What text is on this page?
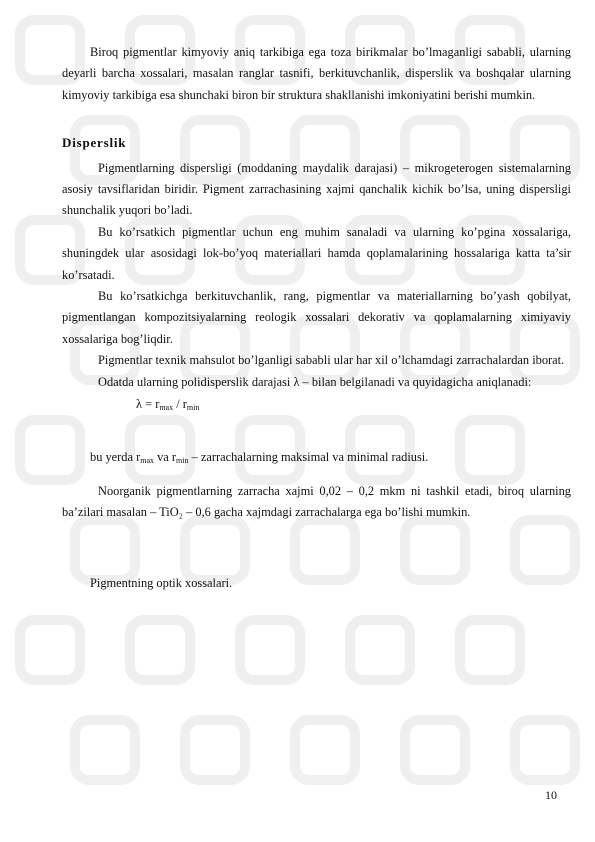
Biroq pigmentlar kimyoviy aniq tarkibiga ega toza birikmalar bo’lmaganligi sababli, ularning deyarli barcha xossalari, masalan ranglar tasnifi, berkituvchanlik, disperslik va boshqalar ularning kimyoviy tarkibiga esa shunchaki biron bir struktura shakllanishi imkoniyatini berishi mumkin.

Disperslik

Pigmentlarning dispersligi (moddaning maydalik darajasi) – mikrogeterogen sistemalarning asosiy tavsiflaridan biridir. Pigment zarrachasining xajmi qanchalik kichik bo’lsa, uning dispersligi shunchalik yuqori bo’ladi.

Bu ko’rsatkich pigmentlar uchun eng muhim sanaladi va ularning ko’pgina xossalariga, shuningdek ular asosidagi lok-bo’yoq materiallari hamda qoplamalarining hossalariga katta ta’sir ko’rsatadi.

Bu ko’rsatkichga berkituvchanlik, rang, pigmentlar va materiallarning bo’yash qobilyat, pigmentlangan kompozitsiyalarning reologik xossalari dekorativ va qoplamalarning ximiyaviy xossalariga bog’liqdir.

Pigmentlar texnik mahsulot bo’lganligi sababli ular har xil o’lchamdagi zarrachalardan iborat.

Odatda ularning polidisperslik darajasi λ – bilan belgilanadi va quyidagicha aniqlanadi:

$\lambda = r_{max} / r_{min}$

bu yerda $r_{max}$ va $r_{min}$ – zarrachalarning maksimal va minimal radiusi.

Noorganik pigmentlarning zarracha xajmi 0,02 – 0,2 mkm ni tashkil etadi, biroq ularning ba’zilari masalan – TiO₂ – 0,6 gacha xajmdagi zarrachalarga ega bo’lishi mumkin.

Pigmentning optik xossalari.

10
